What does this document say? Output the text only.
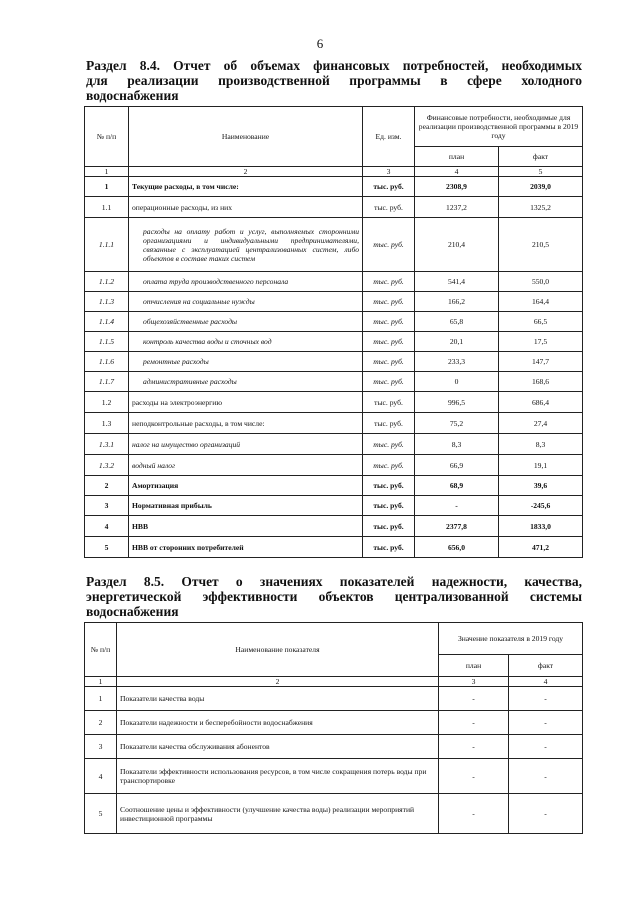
6
Раздел 8.4. Отчет об объемах финансовых потребностей, необходимых
для реализации производственной программы в сфере холодного
водоснабжения
№ п/п	Наименование	Ед. изм.	Финансовые потребности, необходимые для реализации производственной программы в 2019 году	
			план	факт
1	2	3	4	5
1	Текущие расходы, в том числе:	тыс. руб.	2308,9	2039,0
1.1	операционные расходы, из них	тыс. руб.	1237,2	1325,2
1.1.1	расходы на оплату работ и услуг, выполняемых сторонними организациями и индивидуальными предпринимателями, связанные с эксплуатацией централизованных систем, либо объектов в составе таких систем	тыс. руб.	210,4	210,5
1.1.2	оплата труда производственного персонала	тыс. руб.	541,4	550,0
1.1.3	отчисления на социальные нужды	тыс. руб.	166,2	164,4
1.1.4	общехозяйственные расходы	тыс. руб.	65,8	66,5
1.1.5	контроль качества воды и сточных вод	тыс. руб.	20,1	17,5
1.1.6	ремонтные расходы	тыс. руб.	233,3	147,7
1.1.7	административные расходы	тыс. руб.	0	168,6
1.2	расходы на электроэнергию	тыс. руб.	996,5	686,4
1.3	неподконтрольные расходы, в том числе:	тыс. руб.	75,2	27,4
1.3.1	налог на имущество организаций	тыс. руб.	8,3	8,3
1.3.2	водный налог	тыс. руб.	66,9	19,1
2	Амортизация	тыс. руб.	68,9	39,6
3	Нормативная прибыль	тыс. руб.	-	-245,6
4	НВВ	тыс. руб.	2377,8	1833,0
5	НВВ от сторонних потребителей	тыс. руб.	656,0	471,2
Раздел 8.5. Отчет о значениях показателей надежности, качества,
энергетической эффективности объектов централизованной системы
водоснабжения
№ п/п	Наименование показателя	Значение показателя в 2019 году	
		план	факт
1	2	3	4
1	Показатели качества воды	-	-
2	Показатели надежности и бесперебойности водоснабжения	-	-
3	Показатели качества обслуживания абонентов	-	-
4	Показатели эффективности использования ресурсов, в том числе сокращения потерь воды при транспортировке	-	-
5	Соотношение цены и эффективности (улучшение качества воды) реализации мероприятий инвестиционной программы	-	-
